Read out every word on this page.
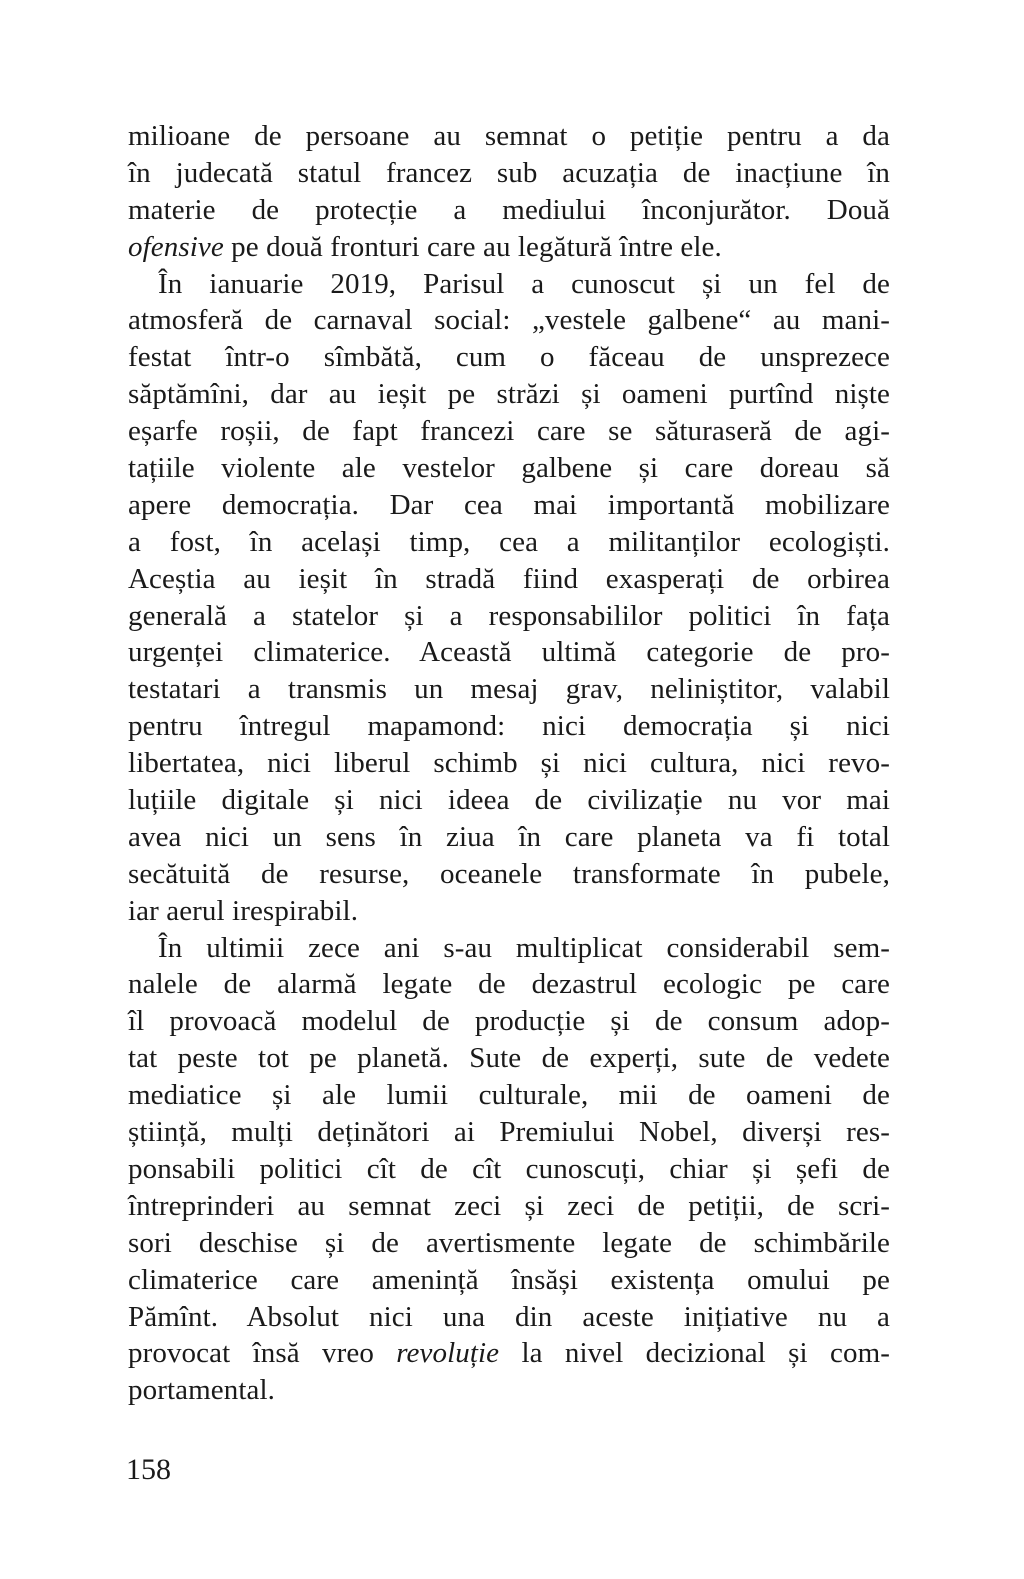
milioane de persoane au semnat o petiție pentru a da
în judecată statul francez sub acuzația de inacțiune în
materie de protecție a mediului înconjurător. Două
ofensive pe două fronturi care au legătură între ele.
În ianuarie 2019, Parisul a cunoscut și un fel de
atmosferă de carnaval social: „vestele galbene“ au mani-
festat într-o sîmbătă, cum o făceau de unsprezece
săptămîni, dar au ieșit pe străzi și oameni purtînd niște
eșarfe roșii, de fapt francezi care se săturaseră de agi-
tațiile violente ale vestelor galbene și care doreau să
apere democrația. Dar cea mai importantă mobilizare
a fost, în același timp, cea a militanților ecologiști.
Aceștia au ieșit în stradă fiind exasperați de orbirea
generală a statelor și a responsabililor politici în fața
urgenței climaterice. Această ultimă categorie de pro-
testatari a transmis un mesaj grav, neliniștitor, valabil
pentru întregul mapamond: nici democrația și nici
libertatea, nici liberul schimb și nici cultura, nici revo-
luțiile digitale și nici ideea de civilizație nu vor mai
avea nici un sens în ziua în care planeta va fi total
secătuită de resurse, oceanele transformate în pubele,
iar aerul irespirabil.
În ultimii zece ani s-au multiplicat considerabil sem-
nalele de alarmă legate de dezastrul ecologic pe care
îl provoacă modelul de producție și de consum adop-
tat peste tot pe planetă. Sute de experți, sute de vedete
mediatice și ale lumii culturale, mii de oameni de
știință, mulți deținători ai Premiului Nobel, diverși res-
ponsabili politici cît de cît cunoscuți, chiar și șefi de
întreprinderi au semnat zeci și zeci de petiții, de scri-
sori deschise și de avertismente legate de schimbările
climaterice care amenință însăși existența omului pe
Pămînt. Absolut nici una din aceste inițiative nu a
provocat însă vreo revoluție la nivel decizional și com-
portamental.
158
